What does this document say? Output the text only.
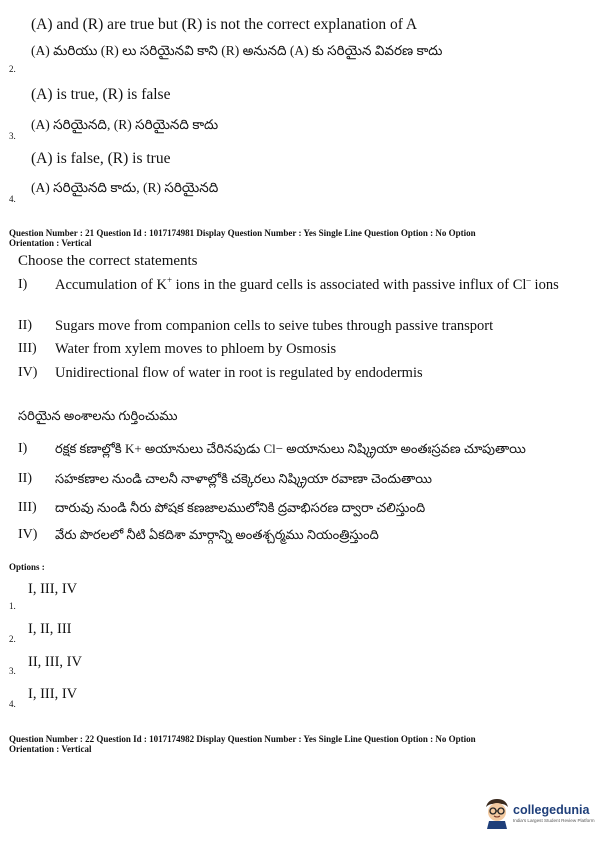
(A) and (R) are true but (R) is not the correct explanation of A
(A) మరియు (R) లు సరియైనవి కాని (R) అనునది (A) కు సరియైన వివరణ కాదు
2.
(A) is true, (R) is false
(A) సరియైనది, (R) సరియైనది కాదు
3.
(A) is false, (R) is true
(A) సరియైనది కాదు, (R) సరియైనది
4.
Question Number : 21 Question Id : 1017174981 Display Question Number : Yes Single Line Question Option : No Option
Orientation : Vertical
Choose the correct statements
I) Accumulation of K+ ions in the guard cells is associated with passive influx of Cl– ions
II) Sugars move from companion cells to seive tubes through passive transport
III) Water from xylem moves to phloem by Osmosis
IV) Unidirectional flow of water in root is regulated by endodermis
సరియైన అంశాలను గుర్తించుము
I) రక్షక కణాల్లోకి K+ అయానులు చేరినపుడు Cl− అయానులు నిష్క్రియా అంతఃస్రవణ చూపుతాయి
II) సహకణాల నుండి చాలనీ నాళాల్లోకి చక్కెరలు నిష్క్రియా రవాణా చెందుతాయి
III) దారువు నుండి నీరు పోషక కణజాలములోనికి ద్రవాభిసరణ ద్వారా చలిస్తుంది
IV) వేరు పొరలలో నీటి ఏకదిశా మార్గాన్ని అంతశ్చర్మము నియంత్రిస్తుంది
Options :
I, III, IV
1.
I, II, III
2.
II, III, IV
3.
I, III, IV
4.
Question Number : 22 Question Id : 1017174982 Display Question Number : Yes Single Line Question Option : No Option
Orientation : Vertical
collegedunia
India's Largest Student Review Platform
